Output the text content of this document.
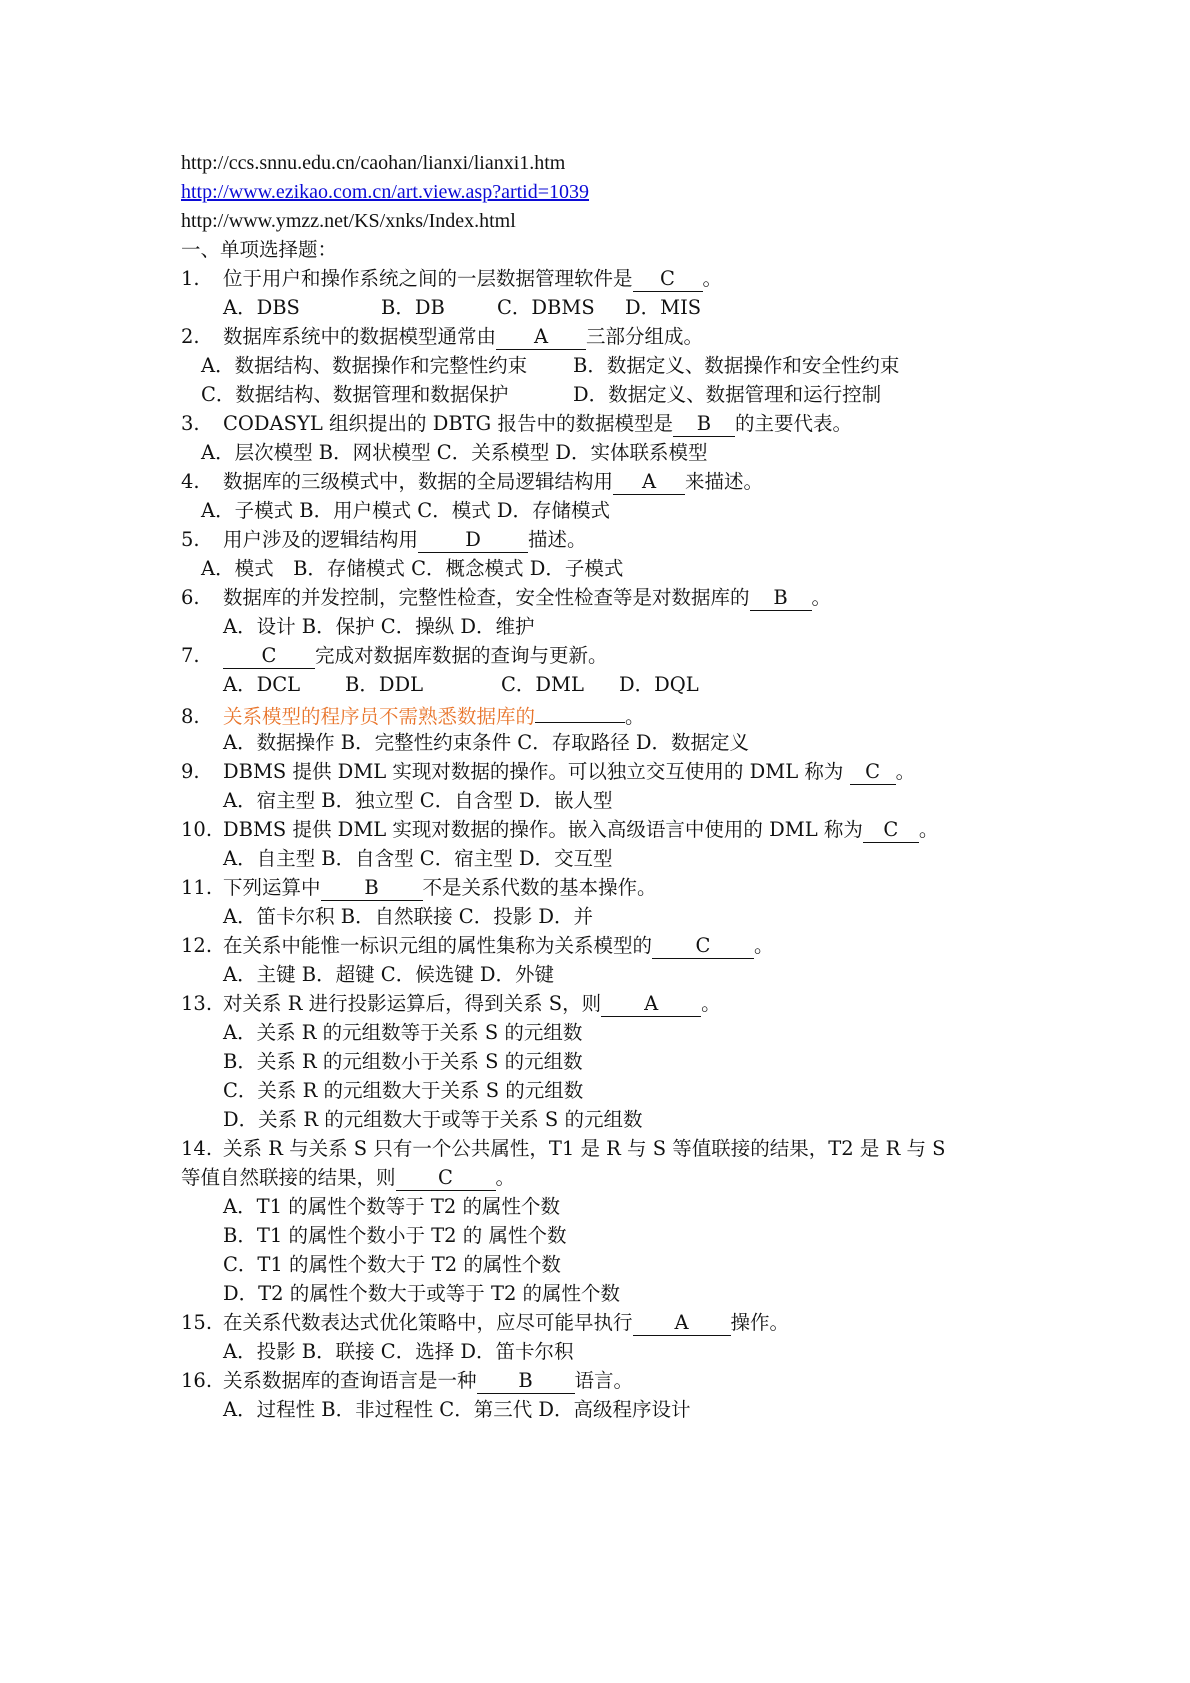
http://ccs.snnu.edu.cn/caohan/lianxi/lianxi1.htm
http://www.ezikao.com.cn/art.view.asp?artid=1039
http://www.ymzz.net/KS/xnks/Index.html
一、单项选择题：
1. 位于用户和操作系统之间的一层数据管理软件是 C 。
A．DBS	B．DB	C．DBMS D．MIS
2. 数据库系统中的数据模型通常由 A 三部分组成。
A．数据结构、数据操作和完整性约束 B．数据定义、数据操作和安全性约束
C．数据结构、数据管理和数据保护	D．数据定义、数据管理和运行控制
3. CODASYL 组织提出的 DBTG 报告中的数据模型是 B 的主要代表。
A．层次模型 B．网状模型 C．关系模型 D．实体联系模型
4. 数据库的三级模式中，数据的全局逻辑结构用 A 来描述。
A．子模式 B．用户模式 C．模式 D．存储模式
5. 用户涉及的逻辑结构用 D 描述。
A．模式　B．存储模式 C．概念模式 D．子模式
6. 数据库的并发控制，完整性检查，安全性检查等是对数据库的 B 。
A．设计 B．保护 C．操纵 D．维护
7.	C 完成对数据库数据的查询与更新。
A．DCL B．DDL	C．DML D．DQL
8. 关系模型的程序员不需熟悉数据库的	。
A．数据操作 B．完整性约束条件 C．存取路径 D．数据定义
9. DBMS 提供 DML 实现对数据的操作。可以独立交互使用的 DML 称为 C 。
A．宿主型 B．独立型 C．自含型 D．嵌人型
10. DBMS 提供 DML 实现对数据的操作。嵌入高级语言中使用的 DML 称为 C 。
A．自主型 B．自含型 C．宿主型 D．交互型
11. 下列运算中 B 不是关系代数的基本操作。
A．笛卡尔积 B．自然联接 C．投影 D．并
12. 在关系中能惟一标识元组的属性集称为关系模型的 C 。
A．主键 B．超键 C．候选键 D．外键
13. 对关系 R 进行投影运算后，得到关系 S，则 A 。
A．关系 R 的元组数等于关系 S 的元组数
B．关系 R 的元组数小于关系 S 的元组数
C．关系 R 的元组数大于关系 S 的元组数
D．关系 R 的元组数大于或等于关系 S 的元组数
14. 关系 R 与关系 S 只有一个公共属性，T1 是 R 与 S 等值联接的结果，T2 是 R 与 S
等值自然联接的结果，则 C 。
A．T1 的属性个数等于 T2 的属性个数
B．T1 的属性个数小于 T2 的 属性个数
C．T1 的属性个数大于 T2 的属性个数
D．T2 的属性个数大于或等于 T2 的属性个数
15. 在关系代数表达式优化策略中，应尽可能早执行 A 操作。
A．投影 B．联接 C．选择 D．笛卡尔积
16. 关系数据库的查询语言是一种 B 语言。
A．过程性 B．非过程性 C．第三代 D．高级程序设计
